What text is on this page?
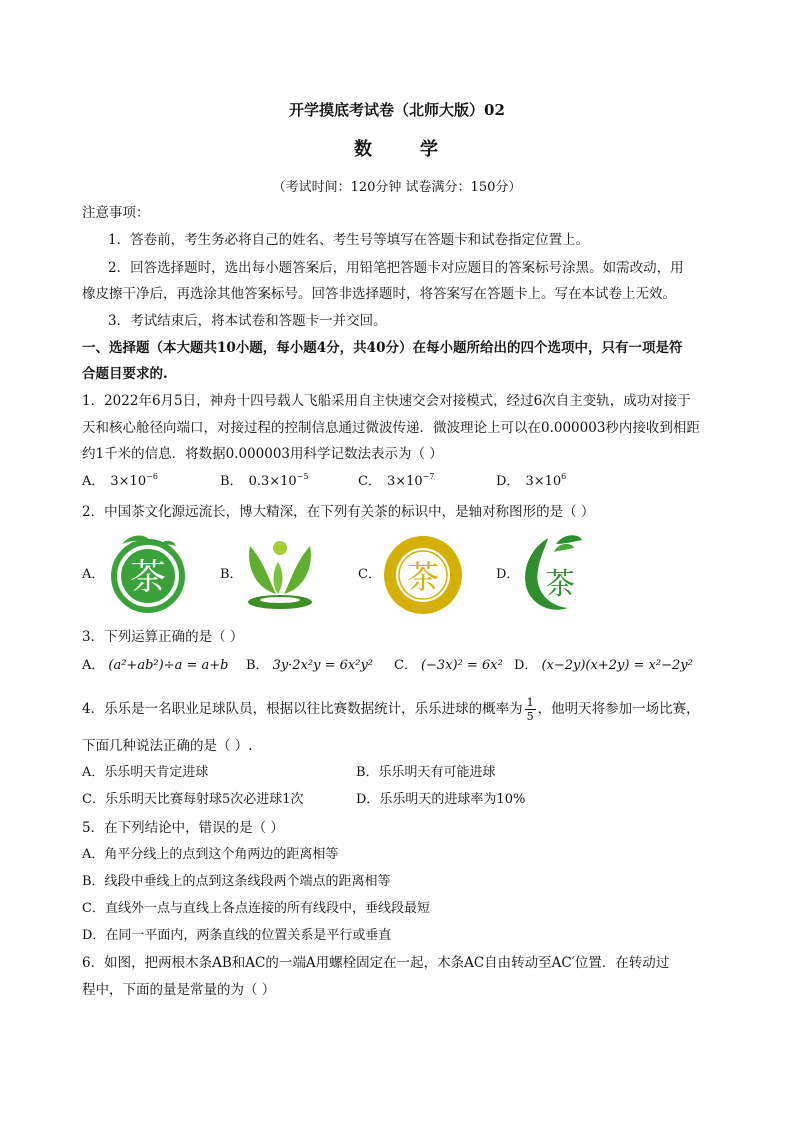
开学摸底考试卷（北师大版）02
数	学
（考试时间：120分钟 试卷满分：150分）
注意事项：
1．答卷前，考生务必将自己的姓名、考生号等填写在答题卡和试卷指定位置上。
2．回答选择题时，选出每小题答案后，用铅笔把答题卡对应题目的答案标号涂黑。如需改动，用
橡皮擦干净后，再选涂其他答案标号。回答非选择题时，将答案写在答题卡上。写在本试卷上无效。
3．考试结束后，将本试卷和答题卡一并交回。
一、选择题（本大题共10小题，每小题4分，共40分）在每小题所给出的四个选项中，只有一项是符
合题目要求的.
1．2022年6月5日，神舟十四号载人飞船采用自主快速交会对接模式，经过6次自主变轨，成功对接于
天和核心舱径向端口，对接过程的控制信息通过微波传递．微波理论上可以在0.000003秒内接收到相距
约1千米的信息．将数据0.000003用科学记数法表示为（ ）
A． $3\times 10^{-6}$	B． $0.3\times 10^{-5}$	C． $3\times 10^{-7}$	D． $3\times 10^6$
2．中国茶文化源远流长，博大精深，在下列有关茶的标识中，是轴对称图形的是（ ）
A． 茶	B．	C． 茶	D． 茶
3．下列运算正确的是（ ）
A． (a²+ab²)÷a = a+b B． 3y·2x²y = 6x²y² C． (−3x)² = 6x² D． (x−2y)(x+2y) = x²−2y²
4．乐乐是一名职业足球队员，根据以往比赛数据统计，乐乐进球的概率为 $\frac{1}{5}$ ，他明天将参加一场比赛，
下面几种说法正确的是（ ）.
A．乐乐明天肯定进球	B．乐乐明天有可能进球
C．乐乐明天比赛每射球5次必进球1次	D．乐乐明天的进球率为10%
5．在下列结论中，错误的是（ ）
A．角平分线上的点到这个角两边的距离相等
B．线段中垂线上的点到这条线段两个端点的距离相等
C．直线外一点与直线上各点连接的所有线段中，垂线段最短
D．在同一平面内，两条直线的位置关系是平行或垂直
6．如图，把两根木条AB和AC的一端A用螺栓固定在一起，木条AC自由转动至AC′位置．在转动过
程中，下面的量是常量的为（ ）
